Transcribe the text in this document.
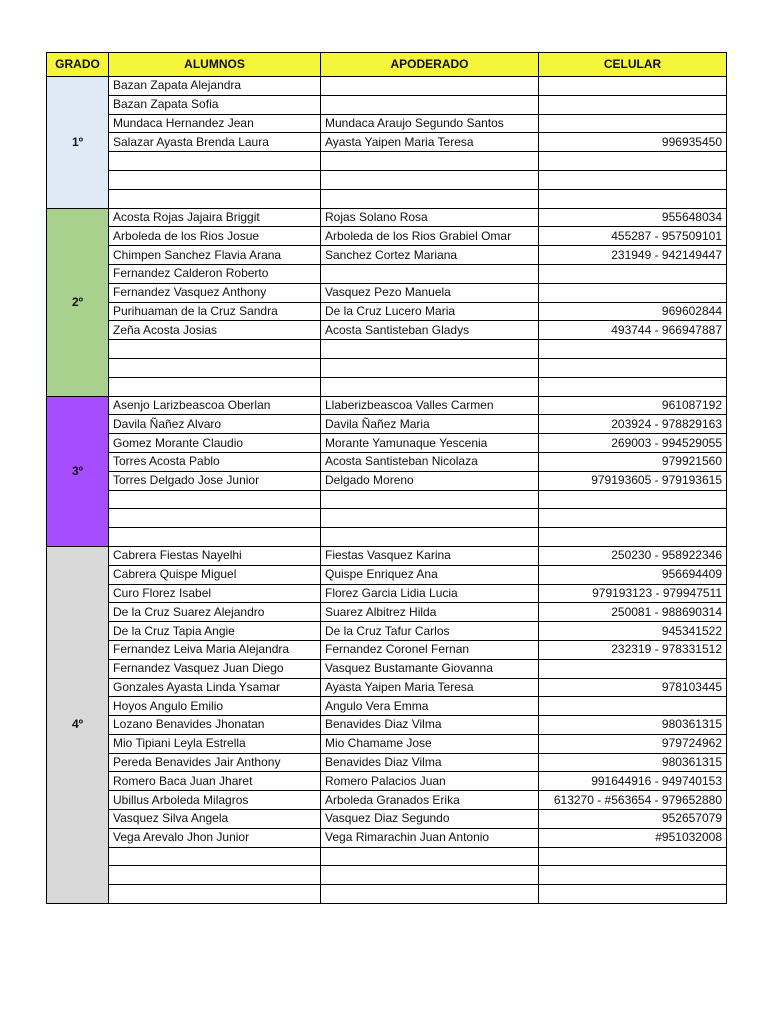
GRADO	ALUMNOS	APODERADO	CELULAR
1º	Bazan Zapata Alejandra		
	Bazan Zapata Sofia		
	Mundaca Hernandez Jean	Mundaca Araujo Segundo Santos	
	Salazar Ayasta Brenda Laura	Ayasta Yaipen Maria Teresa	996935450

2º	Acosta Rojas Jajaira Briggit	Rojas Solano Rosa	955648034
	Arboleda de los Rios Josue	Arboleda de los Rios Grabiel Omar	455287 - 957509101
	Chimpen Sanchez Flavia Arana	Sanchez Cortez Mariana	231949 - 942149447
	Fernandez Calderon Roberto		
	Fernandez Vasquez Anthony	Vasquez Pezo Manuela	
	Purihuaman de la Cruz Sandra	De la Cruz Lucero Maria	969602844
	Zeña Acosta Josias	Acosta Santisteban Gladys	493744 - 966947887

3º	Asenjo Larizbeascoa Oberlan	Llaberizbeascoa Valles Carmen	961087192
	Davila Ñañez Alvaro	Davila Ñañez Maria	203924 - 978829163
	Gomez Morante Claudio	Morante Yamunaque Yescenia	269003 - 994529055
	Torres Acosta Pablo	Acosta Santisteban Nicolaza	979921560
	Torres Delgado Jose Junior	Delgado Moreno	979193605 - 979193615

4º	Cabrera Fiestas Nayelhi	Fiestas Vasquez Karina	250230 - 958922346
	Cabrera Quispe Miguel	Quispe Enriquez Ana	956694409
	Curo Florez Isabel	Florez Garcia Lidia Lucia	979193123 - 979947511
	De la Cruz Suarez Alejandro	Suarez Albitrez Hilda	250081 - 988690314
	De la Cruz Tapia Angie	De la Cruz Tafur Carlos	945341522
	Fernandez Leiva Maria Alejandra	Fernandez Coronel Fernan	232319 - 978331512
	Fernandez Vasquez Juan Diego	Vasquez Bustamante Giovanna	
	Gonzales Ayasta Linda Ysamar	Ayasta Yaipen Maria Teresa	978103445
	Hoyos Angulo Emilio	Angulo Vera Emma	
	Lozano Benavides Jhonatan	Benavides Diaz Vilma	980361315
	Mio Tipiani Leyla Estrella	Mio Chamame Jose	979724962
	Pereda Benavides Jair Anthony	Benavides Diaz Vilma	980361315
	Romero Baca Juan Jharet	Romero Palacios Juan	991644916 - 949740153
	Ubillus Arboleda Milagros	Arboleda Granados Erika	613270 - #563654 - 979652880
	Vasquez Silva Angela	Vasquez Diaz Segundo	952657079
	Vega Arevalo Jhon Junior	Vega Rimarachin Juan Antonio	#951032008
